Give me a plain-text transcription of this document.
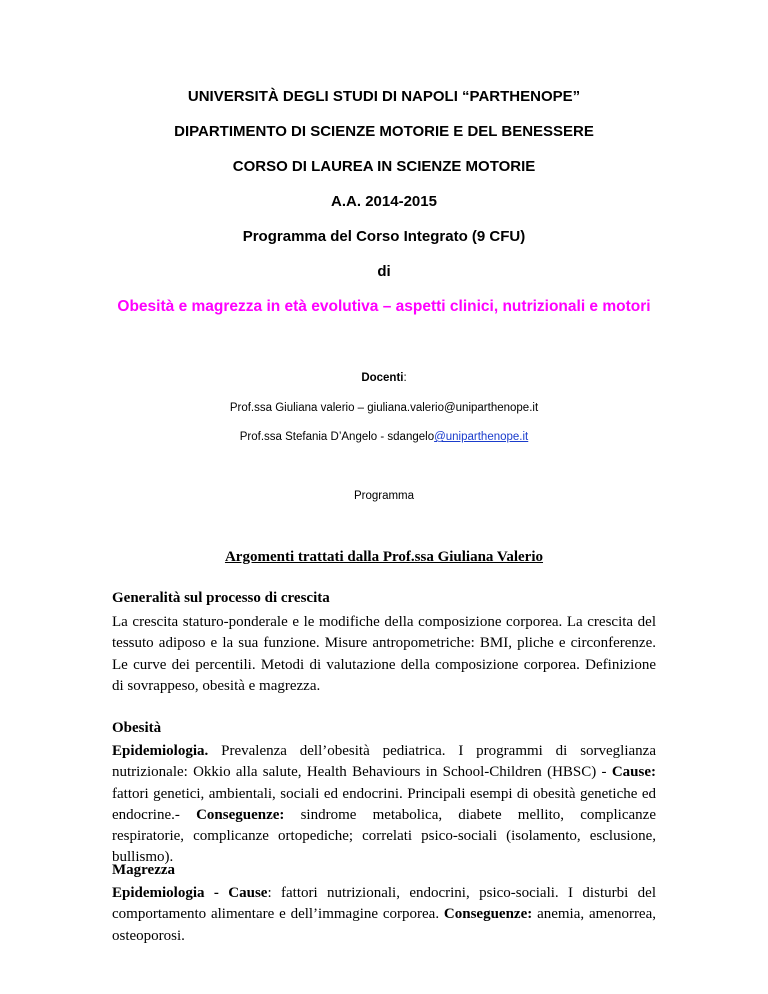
UNIVERSITÀ DEGLI STUDI DI NAPOLI “PARTHENOPE”
DIPARTIMENTO DI SCIENZE MOTORIE E DEL BENESSERE
CORSO DI LAUREA IN SCIENZE MOTORIE
A.A. 2014-2015
Programma del Corso Integrato (9 CFU)
di
Obesità e magrezza in età evolutiva – aspetti clinici, nutrizionali e motori
Docenti:
Prof.ssa Giuliana valerio – giuliana.valerio@uniparthenope.it
Prof.ssa Stefania D’Angelo - sdangelo@uniparthenope.it
Programma
Argomenti trattati dalla Prof.ssa Giuliana Valerio
Generalità sul processo di crescita
La crescita staturo-ponderale e le modifiche della composizione corporea. La crescita del tessuto adiposo e la sua funzione. Misure antropometriche: BMI, pliche e circonferenze. Le curve dei percentili. Metodi di valutazione della composizione corporea. Definizione di sovrappeso, obesità e magrezza.
Obesità
Epidemiologia. Prevalenza dell’obesità pediatrica. I programmi di sorveglianza nutrizionale: Okkio alla salute, Health Behaviours in School-Children (HBSC) - Cause: fattori genetici, ambientali, sociali ed endocrini. Principali esempi di obesità genetiche ed endocrine.- Conseguenze: sindrome metabolica, diabete mellito, complicanze respiratorie, complicanze ortopediche; correlati psico-sociali (isolamento, esclusione, bullismo).
Magrezza
Epidemiologia - Cause: fattori nutrizionali, endocrini, psico-sociali. I disturbi del comportamento alimentare e dell’immagine corporea. Conseguenze: anemia, amenorrea, osteoporosi.
